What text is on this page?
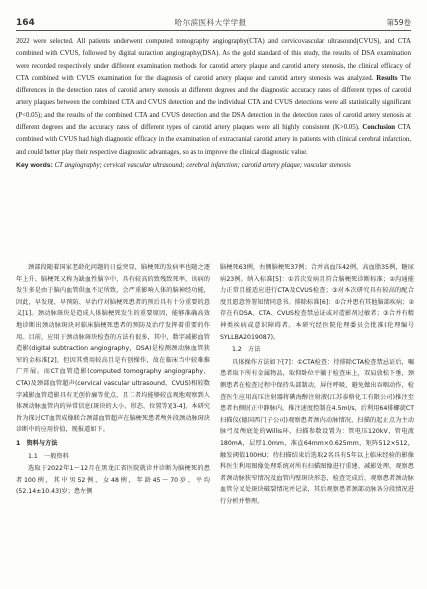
164	哈尔滨医科大学学报	第59卷

2022 were selected. All patients underwent computed tomography angiography(CTA) and cervicovascular ultrasound(CVUS), and CTA combined with CVUS, followed by digital suraction angiography(DSA). As the gold standard of this study, the results of DSA examination were recorded respectively under different examination methods for carotid artery plaque and carotid artery stenosis, the clinical efficacy of CTA combined with CVUS examination for the diagnosis of carotid artery plaque and carotid artery stenosis was analyzed. Results The differences in the detection rates of carotid artery stenosis at different degrees and the diagnostic accuracy rates of different types of carotid artery plaques between the combined CTA and CVUS detection and the individual CTA and CVUS detections were all statistically significant (P<0.05); and the results of the combined CTA and CVUS detection and the DSA detection in the detection rates of carotid artery stenosis at different degrees and the accuracy rates of different types of carotid artery plaques were all highly consistent (K>0.05). Conclusion CTA combined with CVUS had high diagnostic efficacy in the examination of extracranial carotid artery in patients with clinical cerebral infarction, and could better play their respective diagnostic advantages, so as to improve the clinical diagnostic value.

Key words: CT angiography; cervical vascular ultrasound; cerebral infarction; carotid artery plaque; vascular stenosis

颈部段随着国家老龄化问题的日益突显，脑梗死的发病率也随之逐年上升。脑梗死又称为缺血性脑卒中，具有较高的致残致死率，该病的发生多是由于脑内血管供血不足所致，会严重影响人体的脑神经功能，因此，早发现、早预防、早治疗对脑梗死患者的预后具有十分重要的意义[1]。颈动脉斑块是造成人体脑梗死发生的重要原因，能够准确高效地诊断出颈动脉斑块对临床脑梗死患者的预防及治疗发挥着重要的作用。目前，应用于颈动脉斑块检查的方法有很多，其中，数字减影血管造影(digital subtraction angiography，DSA)是检测颈动脉血管狭窄的金标准[2]，但因其费用较高且是有创操作，故在临床当中较难推广开展。而CT血管造影(computed tomography angiography，CTA)及颈部血管超声(cervical vascular ultrasound，CVUS)相较数字减影血管造影具有无创价廉等优点，且二者均能够较直观地观察到人体颈动脉血管内的异常信息(斑块的大小、形态、位置等)[3-4]。本研究旨为探讨CT血管成像联合颈部血管超声在脑梗死患者颅外段颈动脉斑块诊断中的应用价值，现报道如下。

1　资料与方法

1.1　一般资料

选取于2022年1～12月在黑龙江省医院就诊并诊断为脑梗死的患者100例，其中男52例，女48例，年龄45～70岁，平均(52.14±10.43)岁；患左侧

脑梗死63例，右侧脑梗死37例；合并高血压42例，高血脂35例，糖尿病23例。纳入标准[5]：①首次发病且符合脑梗死诊断标准；②沟通能力正常且能适应进行CTA及CVUS检查；③对本次研究具有较高的配合度且愿意签署知情同意书。排除标准[6]：①合并患有其他脑部疾病；②存在有DSA、CTA、CVUS检查禁忌证或对造影剂过敏者；③合并有精神类疾病或意识障碍者。本研究经医院伦理委员会批准(伦理编号SYLLBA2019087)。

1.2　方法

具体操作方法如下[7]：①CTA检查：待排除CTA检查禁忌证后，嘱患者取下所有金属物品，取仰卧位平躺于检查床上，双肩放松下垂，颈侧患者在检查过程中保持头部制动，屏住呼吸，避免做出吞咽动作，检查医生应用高压注射器将碘海醇注射液(江苏泰格化工有限公司)推注至患者右侧肘正中静脉内，推注速度控制在4.5ml/s，后利用64排螺旋CT扫描仪(德国西门子公司)观察患者颈内动脉情况，扫描的起止点为主动脉弓及颅底处的Willis环，扫描参数设置为：管电压120kV，管电流180mA，层厚1.0mm，准直64mm×0.625mm，矩阵512×512，触发阈值100HU；待扫描结束后选取2名具有5年以上临床经验的影像科医生利用图像处理系统对所有扫描图像进行重建、减影处理，观察患者颈动脉狭窄情况及血管内壁斑块形态，检查完成后，观察患者颈动脉血管分叉处斑块破裂情况并记录，其后观察患者颈部动脉各分段情况进行分析并整理。
